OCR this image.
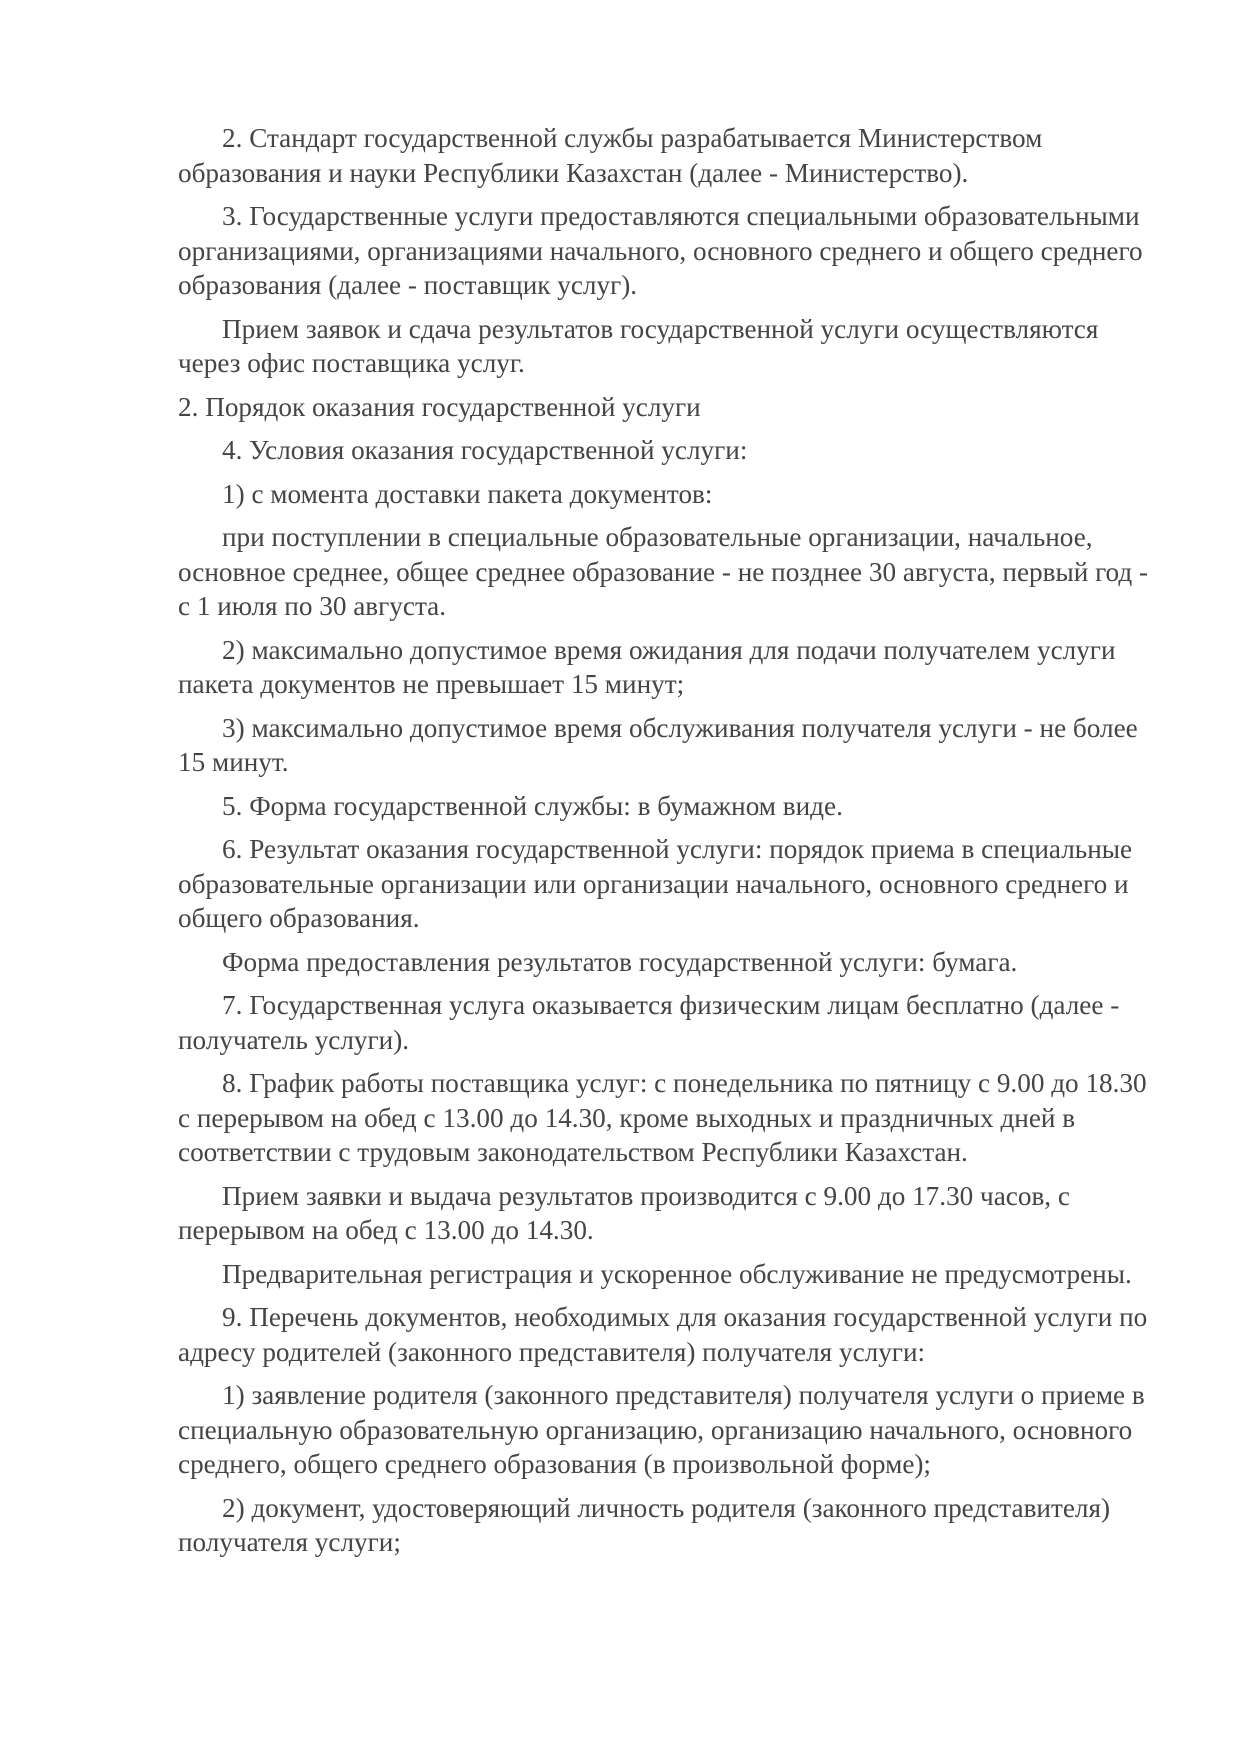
2. Стандарт государственной службы разрабатывается Министерством образования и науки Республики Казахстан (далее - Министерство).

3. Государственные услуги предоставляются специальными образовательными организациями, организациями начального, основного среднего и общего среднего образования (далее - поставщик услуг).

Прием заявок и сдача результатов государственной услуги осуществляются через офис поставщика услуг.

2. Порядок оказания государственной услуги

4. Условия оказания государственной услуги:

1) с момента доставки пакета документов:

при поступлении в специальные образовательные организации, начальное, основное среднее, общее среднее образование - не позднее 30 августа, первый год - с 1 июля по 30 августа.

2) максимально допустимое время ожидания для подачи получателем услуги пакета документов не превышает 15 минут;

3) максимально допустимое время обслуживания получателя услуги - не более 15 минут.

5. Форма государственной службы: в бумажном виде.

6. Результат оказания государственной услуги: порядок приема в специальные образовательные организации или организации начального, основного среднего и общего образования.

Форма предоставления результатов государственной услуги: бумага.

7. Государственная услуга оказывается физическим лицам бесплатно (далее - получатель услуги).

8. График работы поставщика услуг: с понедельника по пятницу с 9.00 до 18.30 с перерывом на обед с 13.00 до 14.30, кроме выходных и праздничных дней в соответствии с трудовым законодательством Республики Казахстан.

Прием заявки и выдача результатов производится с 9.00 до 17.30 часов, с перерывом на обед с 13.00 до 14.30.

Предварительная регистрация и ускоренное обслуживание не предусмотрены.

9. Перечень документов, необходимых для оказания государственной услуги по адресу родителей (законного представителя) получателя услуги:

1) заявление родителя (законного представителя) получателя услуги о приеме в специальную образовательную организацию, организацию начального, основного среднего, общего среднего образования (в произвольной форме);

2) документ, удостоверяющий личность родителя (законного представителя) получателя услуги;
